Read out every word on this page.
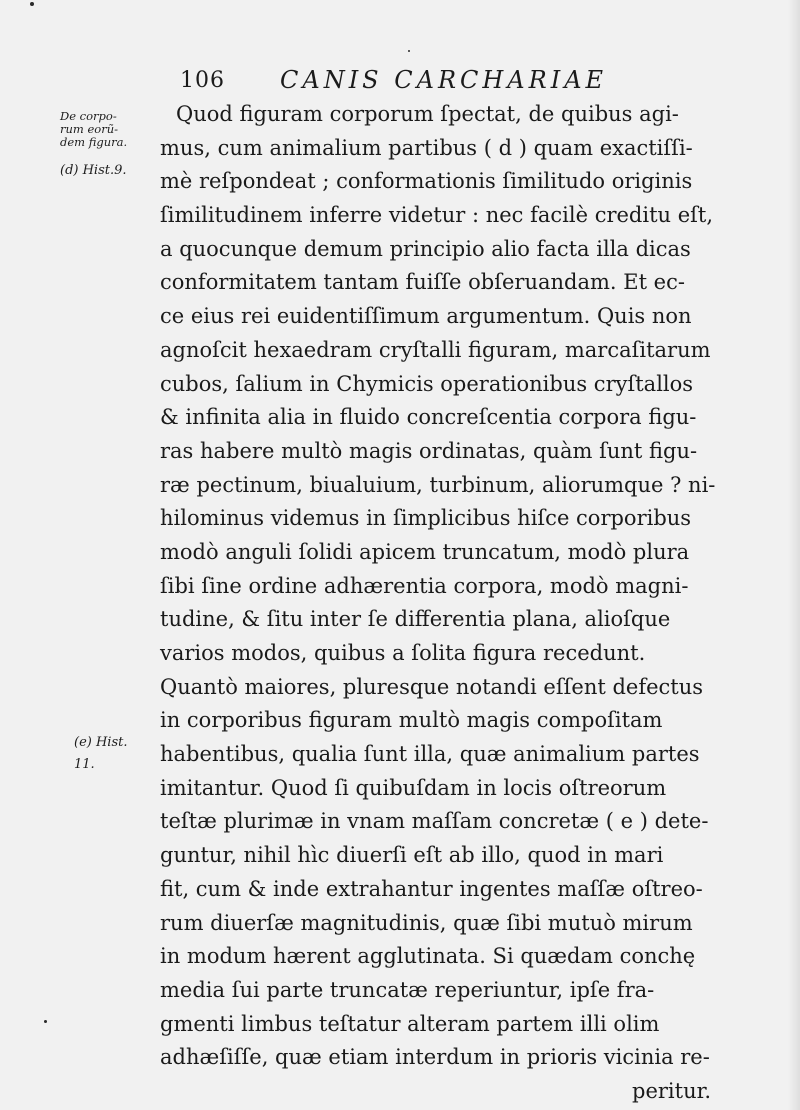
106 CANIS CARCHARIAE
De corpo-
rum eorũ-
dem figura.
(d) Hist.9.
(e) Hist.
11.
Quod figuram corporum ſpectat, de quibus agi-
mus, cum animalium partibus ( d ) quam exactiſſi-
mè reſpondeat ; conformationis ſimilitudo originis
ſimilitudinem inferre videtur : nec facilè creditu eſt,
a quocunque demum principio alio facta illa dicas
conformitatem tantam fuiſſe obſeruandam. Et ec-
ce eius rei euidentiſſimum argumentum. Quis non
agnoſcit hexaedram cryſtalli figuram, marcaſitarum
cubos, ſalium in Chymicis operationibus cryſtallos
& infinita alia in fluido concreſcentia corpora figu-
ras habere multò magis ordinatas, quàm ſunt figu-
ræ pectinum, biualuium, turbinum, aliorumque ? ni-
hilominus videmus in ſimplicibus hiſce corporibus
modò anguli ſolidi apicem truncatum, modò plura
ſibi ſine ordine adhærentia corpora, modò magni-
tudine, & ſitu inter ſe differentia plana, alioſque
varios modos, quibus a ſolita figura recedunt.
Quantò maiores, pluresque notandi eſſent defectus
in corporibus figuram multò magis compoſitam
habentibus, qualia ſunt illa, quæ animalium partes
imitantur. Quod ſi quibuſdam in locis oſtreorum
teſtæ plurimæ in vnam maſſam concretæ ( e ) dete-
guntur, nihil hìc diuerſi eſt ab illo, quod in mari
fit, cum & inde extrahantur ingentes maſſæ oſtreo-
rum diuerſæ magnitudinis, quæ ſibi mutuò mirum
in modum hærent agglutinata. Si quædam conchę
media ſui parte truncatæ reperiuntur, ipſe fra-
gmenti limbus teſtatur alteram partem illi olim
adhæſiſſe, quæ etiam interdum in prioris vicinia re-
peritur.
